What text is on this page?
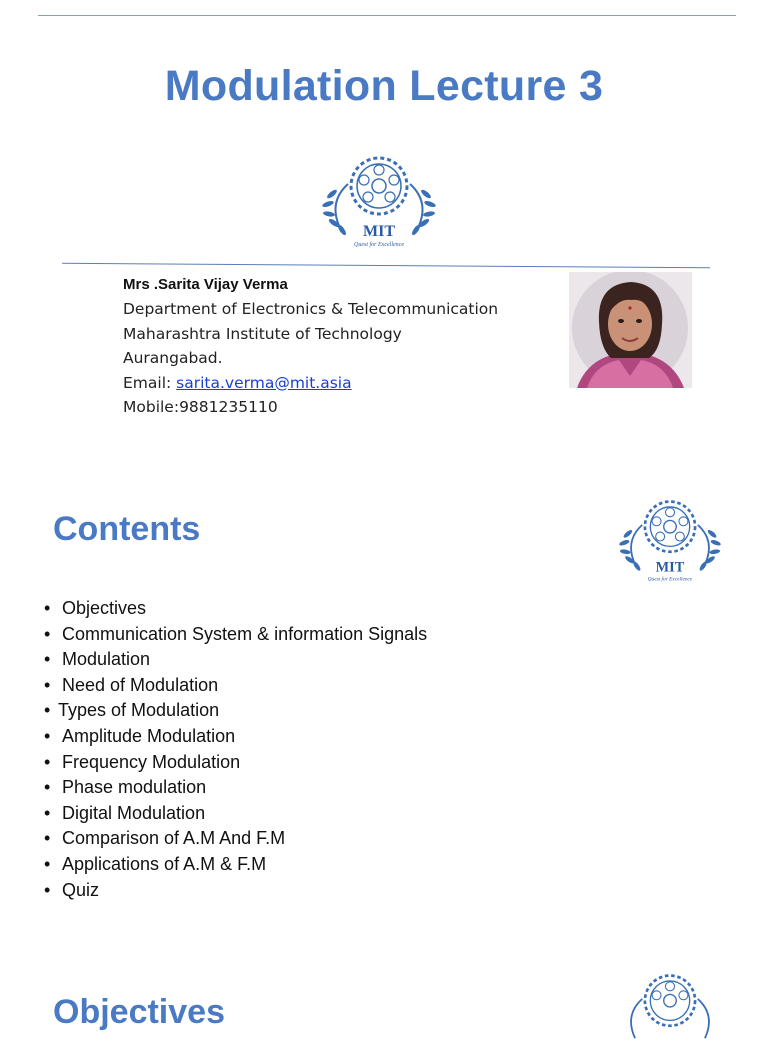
Modulation Lecture 3
MIT
Quest for Excellence
Mrs .Sarita Vijay Verma
Department of Electronics & Telecommunication
Maharashtra Institute of Technology
Aurangabad.
Email: sarita.verma@mit.asia
Mobile:9881235110
Contents
MIT
Quest for Excellence
• Objectives
• Communication System & information Signals
• Modulation
• Need of Modulation
• Types of Modulation
• Amplitude Modulation
• Frequency Modulation
• Phase modulation
• Digital Modulation
• Comparison of A.M And F.M
• Applications of A.M & F.M
• Quiz
Objectives
